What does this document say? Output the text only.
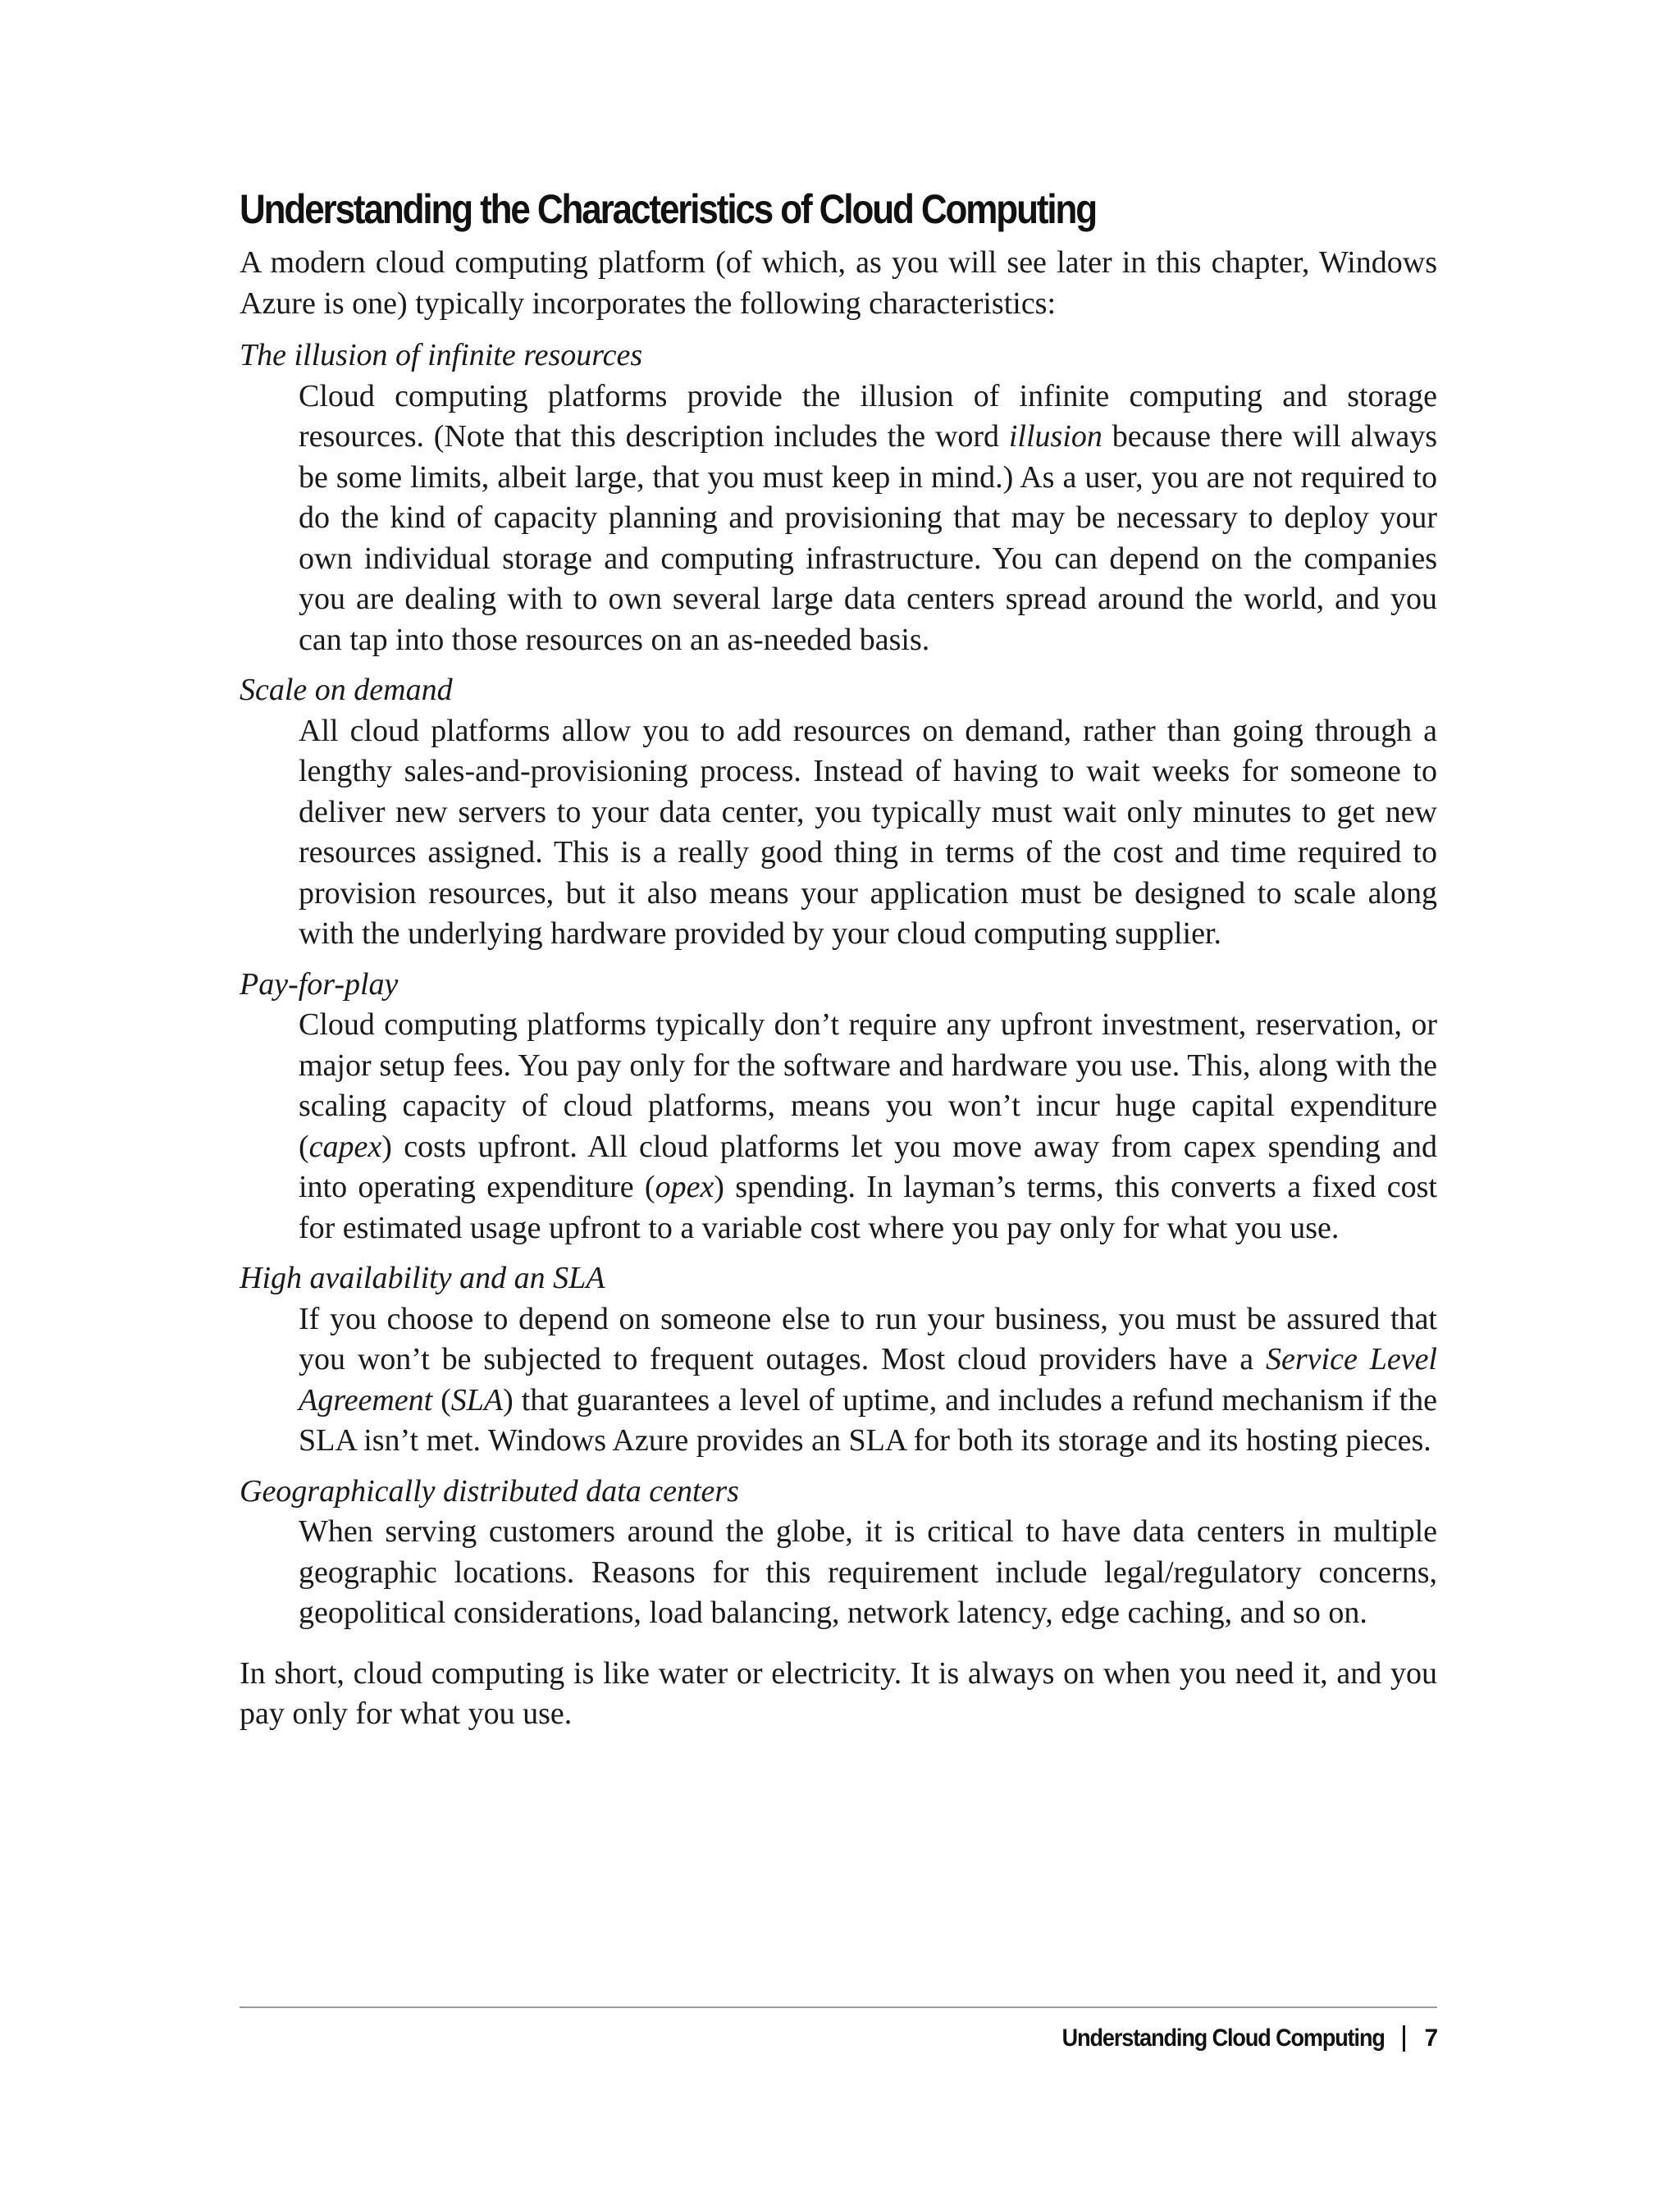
Understanding the Characteristics of Cloud Computing

A modern cloud computing platform (of which, as you will see later in this chapter, Windows Azure is one) typically incorporates the following characteristics:

The illusion of infinite resources

Cloud computing platforms provide the illusion of infinite computing and storage resources. (Note that this description includes the word illusion because there will always be some limits, albeit large, that you must keep in mind.) As a user, you are not required to do the kind of capacity planning and provisioning that may be necessary to deploy your own individual storage and computing infrastructure. You can depend on the companies you are dealing with to own several large data centers spread around the world, and you can tap into those resources on an as-needed basis.

Scale on demand

All cloud platforms allow you to add resources on demand, rather than going through a lengthy sales-and-provisioning process. Instead of having to wait weeks for someone to deliver new servers to your data center, you typically must wait only minutes to get new resources assigned. This is a really good thing in terms of the cost and time required to provision resources, but it also means your application must be designed to scale along with the underlying hardware provided by your cloud computing supplier.

Pay-for-play

Cloud computing platforms typically don’t require any upfront investment, reservation, or major setup fees. You pay only for the software and hardware you use. This, along with the scaling capacity of cloud platforms, means you won’t incur huge capital expenditure (capex) costs upfront. All cloud platforms let you move away from capex spending and into operating expenditure (opex) spending. In layman’s terms, this converts a fixed cost for estimated usage upfront to a variable cost where you pay only for what you use.

High availability and an SLA

If you choose to depend on someone else to run your business, you must be assured that you won’t be subjected to frequent outages. Most cloud providers have a Service Level Agreement (SLA) that guarantees a level of uptime, and includes a refund mechanism if the SLA isn’t met. Windows Azure provides an SLA for both its storage and its hosting pieces.

Geographically distributed data centers

When serving customers around the globe, it is critical to have data centers in multiple geographic locations. Reasons for this requirement include legal/regulatory concerns, geopolitical considerations, load balancing, network latency, edge caching, and so on.

In short, cloud computing is like water or electricity. It is always on when you need it, and you pay only for what you use.

Understanding Cloud Computing 7
